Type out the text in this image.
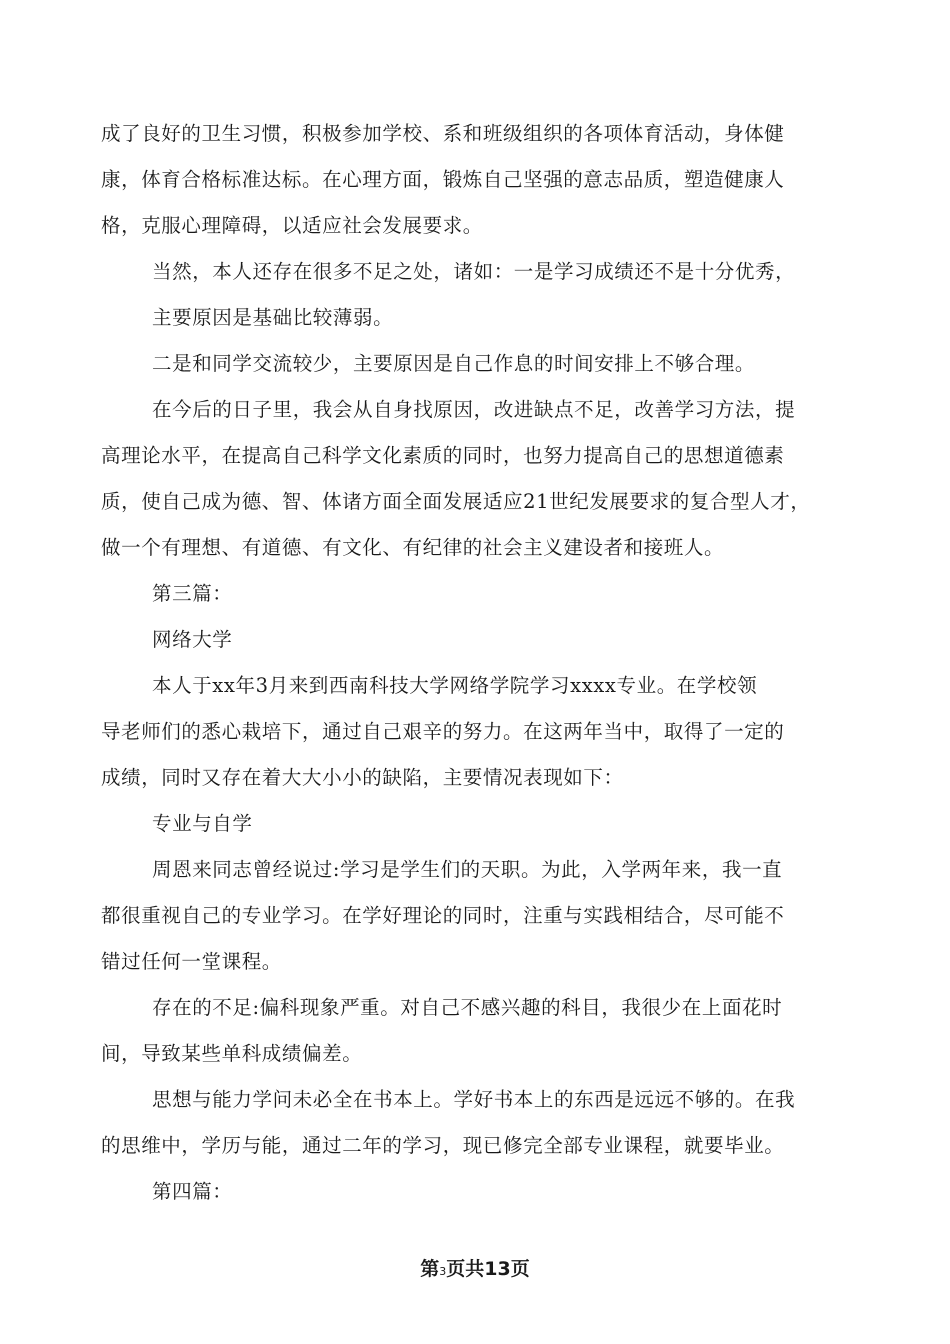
成了良好的卫生习惯，积极参加学校、系和班级组织的各项体育活动，身体健
康，体育合格标准达标。在心理方面，锻炼自己坚强的意志品质，塑造健康人
格，克服心理障碍，以适应社会发展要求。
当然，本人还存在很多不足之处，诸如：一是学习成绩还不是十分优秀，
主要原因是基础比较薄弱。
二是和同学交流较少，主要原因是自己作息的时间安排上不够合理。
在今后的日子里，我会从自身找原因，改进缺点不足，改善学习方法，提
高理论水平，在提高自己科学文化素质的同时，也努力提高自己的思想道德素
质，使自己成为德、智、体诸方面全面发展适应21世纪发展要求的复合型人才，
做一个有理想、有道德、有文化、有纪律的社会主义建设者和接班人。
第三篇：
网络大学
本人于xx年3月来到西南科技大学网络学院学习xxxx专业。在学校领
导老师们的悉心栽培下，通过自己艰辛的努力。在这两年当中，取得了一定的
成绩，同时又存在着大大小小的缺陷，主要情况表现如下：
专业与自学
周恩来同志曾经说过:学习是学生们的天职。为此，入学两年来，我一直
都很重视自己的专业学习。在学好理论的同时，注重与实践相结合，尽可能不
错过任何一堂课程。
存在的不足:偏科现象严重。对自己不感兴趣的科目，我很少在上面花时
间，导致某些单科成绩偏差。
思想与能力学问未必全在书本上。学好书本上的东西是远远不够的。在我
的思维中，学历与能，通过二年的学习，现已修完全部专业课程，就要毕业。
第四篇：
第3页共13页
